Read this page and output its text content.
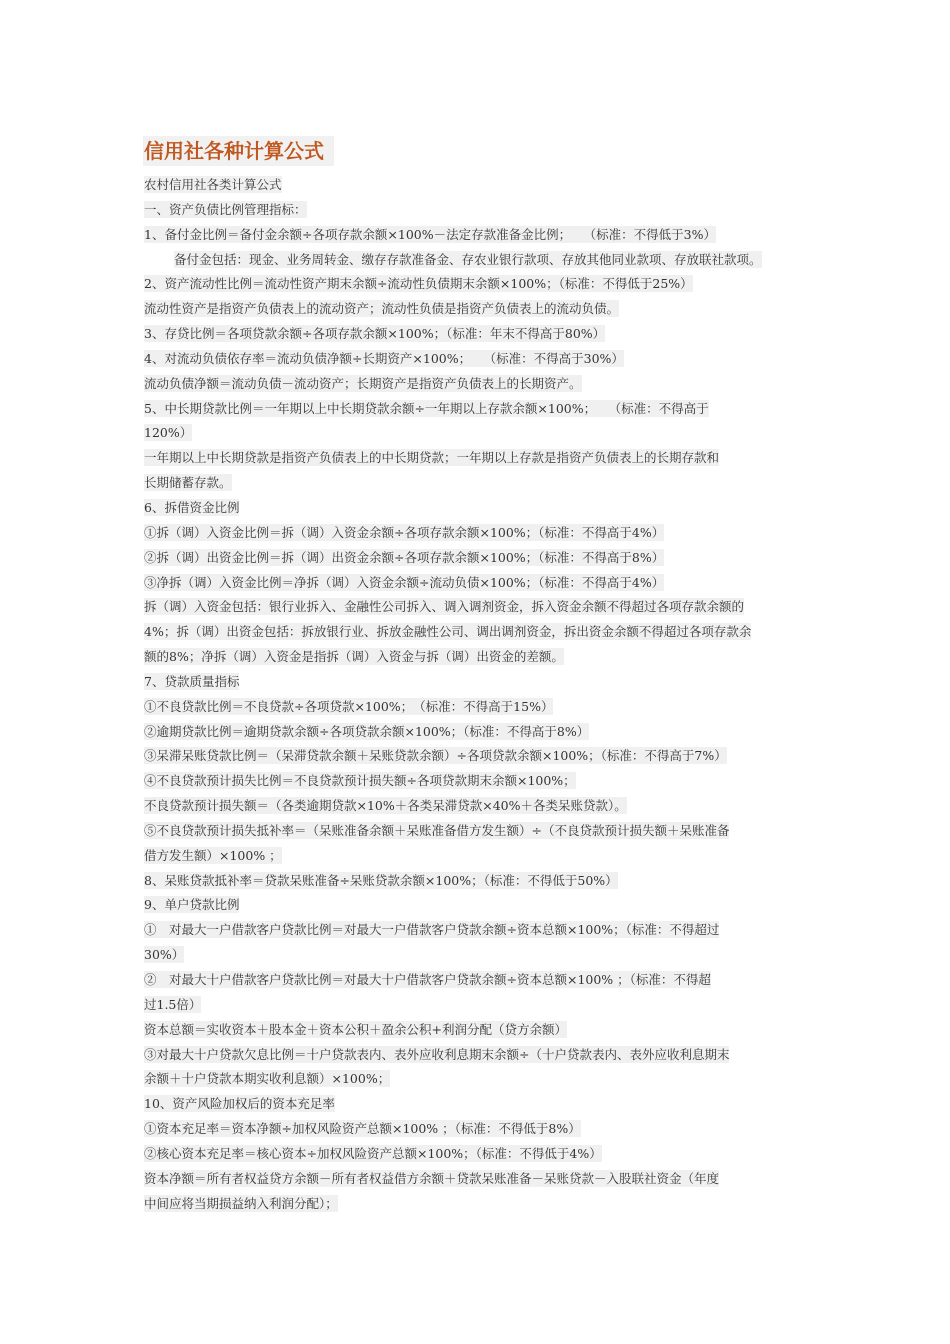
信用社各种计算公式
农村信用社各类计算公式
一、资产负债比例管理指标：
1、备付金比例＝备付金余额÷各项存款余额×100%－法定存款准备金比例；　　（标准：不得低于3%）
备付金包括：现金、业务周转金、缴存存款准备金、存农业银行款项、存放其他同业款项、存放联社款项。
2、资产流动性比例＝流动性资产期末余额÷流动性负债期末余额×100%；（标准：不得低于25%）
流动性资产是指资产负债表上的流动资产；流动性负债是指资产负债表上的流动负债。
3、存贷比例＝各项贷款余额÷各项存款余额×100%；（标准：年末不得高于80%）
4、对流动负债依存率＝流动负债净额÷长期资产×100%；　　（标准：不得高于30%）
流动负债净额＝流动负债－流动资产；长期资产是指资产负债表上的长期资产。
5、中长期贷款比例＝一年期以上中长期贷款余额÷一年期以上存款余额×100%；　　（标准：不得高于
120%）
一年期以上中长期贷款是指资产负债表上的中长期贷款；一年期以上存款是指资产负债表上的长期存款和
长期储蓄存款。
6、拆借资金比例
①拆（调）入资金比例＝拆（调）入资金余额÷各项存款余额×100%；（标准：不得高于4%）
②拆（调）出资金比例＝拆（调）出资金余额÷各项存款余额×100%；（标准：不得高于8%）
③净拆（调）入资金比例＝净拆（调）入资金余额÷流动负债×100%；（标准：不得高于4%）
拆（调）入资金包括：银行业拆入、金融性公司拆入、调入调剂资金，拆入资金余额不得超过各项存款余额的
4%；拆（调）出资金包括：拆放银行业、拆放金融性公司、调出调剂资金，拆出资金余额不得超过各项存款余
额的8%；净拆（调）入资金是指拆（调）入资金与拆（调）出资金的差额。
7、贷款质量指标
①不良贷款比例＝不良贷款÷各项贷款×100%；　（标准：不得高于15%）
②逾期贷款比例＝逾期贷款余额÷各项贷款余额×100%；（标准：不得高于8%）
③呆滞呆账贷款比例＝（呆滞贷款余额＋呆账贷款余额）÷各项贷款余额×100%；（标准：不得高于7%）
④不良贷款预计损失比例＝不良贷款预计损失额÷各项贷款期末余额×100%；
不良贷款预计损失额＝（各类逾期贷款×10%＋各类呆滞贷款×40%＋各类呆账贷款）。
⑤不良贷款预计损失抵补率＝（呆账准备余额＋呆账准备借方发生额）÷（不良贷款预计损失额＋呆账准备
借方发生额）×100% ；
8、呆账贷款抵补率＝贷款呆账准备÷呆账贷款余额×100%；（标准：不得低于50%）
9、单户贷款比例
①　对最大一户借款客户贷款比例＝对最大一户借款客户贷款余额÷资本总额×100%；（标准：不得超过
30%）
②　对最大十户借款客户贷款比例＝对最大十户借款客户贷款余额÷资本总额×100% ；（标准：不得超
过1.5倍）
资本总额＝实收资本＋股本金＋资本公积＋盈余公积+利润分配（贷方余额）
③对最大十户贷款欠息比例＝十户贷款表内、表外应收利息期末余额÷（十户贷款表内、表外应收利息期末
余额＋十户贷款本期实收利息额）×100%；
10、资产风险加权后的资本充足率
①资本充足率＝资本净额÷加权风险资产总额×100% ；（标准：不得低于8%）
②核心资本充足率＝核心资本÷加权风险资产总额×100%；（标准：不得低于4%）
资本净额＝所有者权益贷方余额－所有者权益借方余额＋贷款呆账准备－呆账贷款－入股联社资金（年度
中间应将当期损益纳入利润分配）；
